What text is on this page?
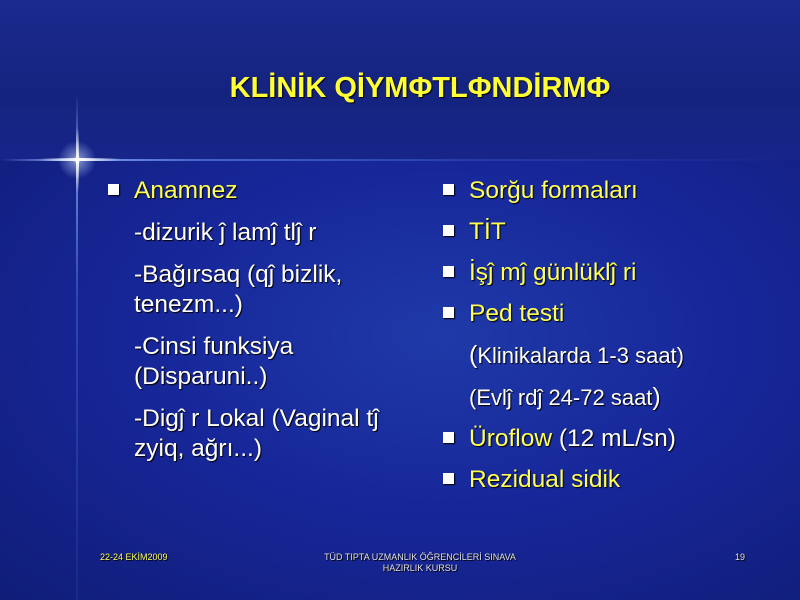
KLİNİK QİYMΦTLΦNDİRMΦ
Anamnez
-dizurik ĵ lamĵ tlĵ r
-Bağırsaq (qĵ bizlik, tenezm...)
-Cinsi funksiya (Disparuni..)
-Digĵ r Lokal (Vaginal tĵ zyiq, ağrı...)
Sorğu formaları
TİT
İşĵ mĵ günlüklĵ ri
Ped testi
(Klinikalarda 1-3 saat)
(Evlĵ rdĵ 24-72 saat)
Üroflow (12 mL/sn)
Rezidual sidik
22-24 EKİM2009	TÜD TIPTA UZMANLIK ÖĞRENCİLERİ SINAVA
HAZIRLIK KURSU
19
